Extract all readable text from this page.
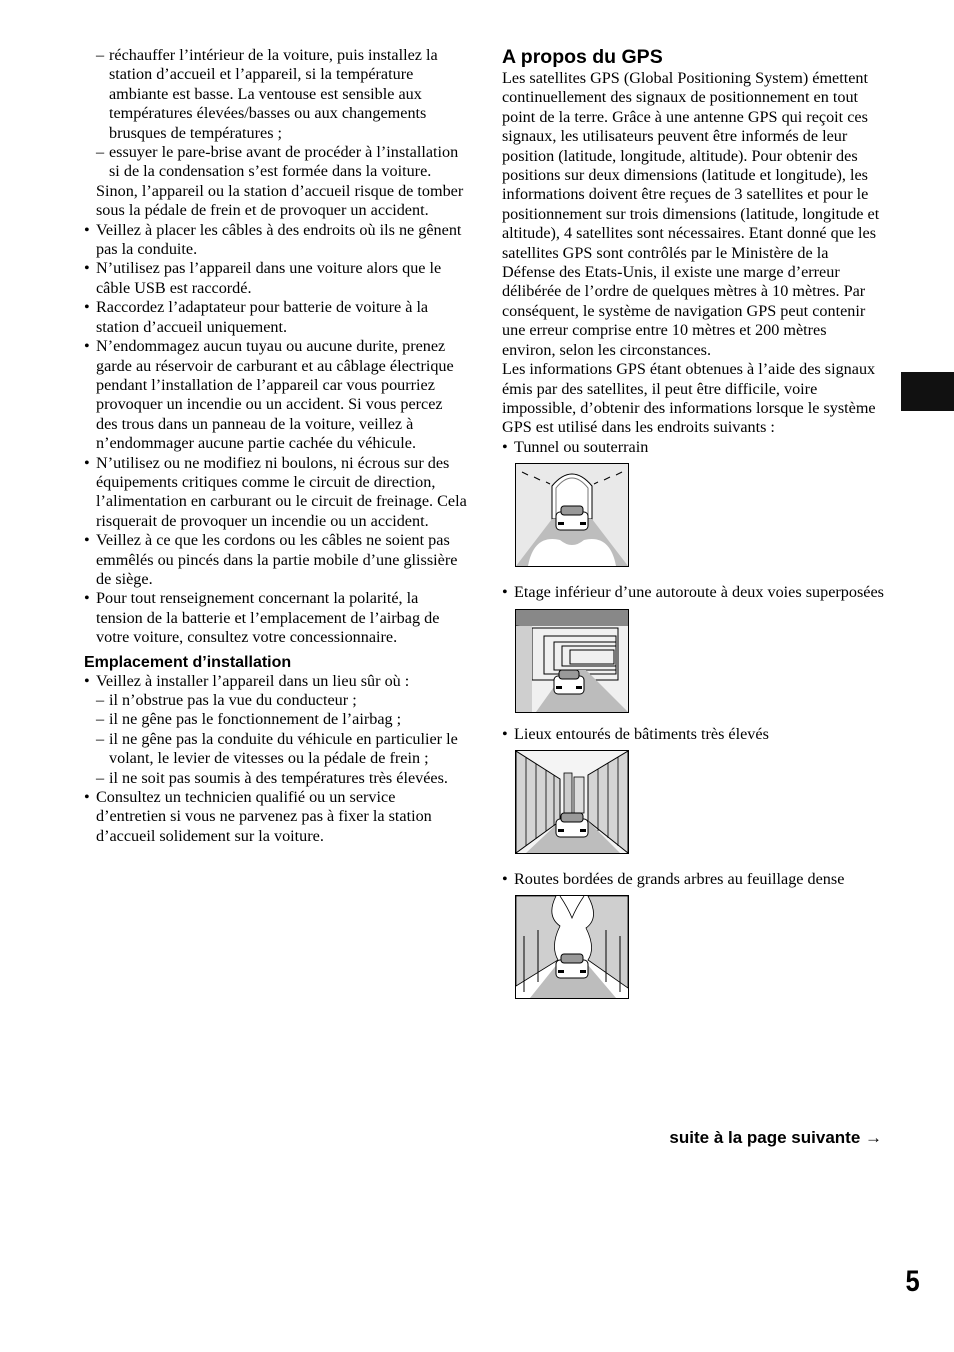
– réchauffer l’intérieur de la voiture, puis installez la station d’accueil et l’appareil, si la température ambiante est basse. La ventouse est sensible aux températures élevées/basses ou aux changements brusques de températures ;
– essuyer le pare-brise avant de procéder à l’installation si de la condensation s’est formée dans la voiture.

Sinon, l’appareil ou la station d’accueil risque de tomber sous la pédale de frein et de provoquer un accident.

• Veillez à placer les câbles à des endroits où ils ne gênent pas la conduite.
• N’utilisez pas l’appareil dans une voiture alors que le câble USB est raccordé.
• Raccordez l’adaptateur pour batterie de voiture à la station d’accueil uniquement.
• N’endommagez aucun tuyau ou aucune durite, prenez garde au réservoir de carburant et au câblage électrique pendant l’installation de l’appareil car vous pourriez provoquer un incendie ou un accident. Si vous percez des trous dans un panneau de la voiture, veillez à n’endommager aucune partie cachée du véhicule.
• N’utilisez ou ne modifiez ni boulons, ni écrous sur des équipements critiques comme le circuit de direction, l’alimentation en carburant ou le circuit de freinage. Cela risquerait de provoquer un incendie ou un accident.
• Veillez à ce que les cordons ou les câbles ne soient pas emmêlés ou pincés dans la partie mobile d’une glissière de siège.
• Pour tout renseignement concernant la polarité, la tension de la batterie et l’emplacement de l’airbag de votre voiture, consultez votre concessionnaire.
Emplacement d’installation
• Veillez à installer l’appareil dans un lieu sûr où :
– il n’obstrue pas la vue du conducteur ;
– il ne gêne pas le fonctionnement de l’airbag ;
– il ne gêne pas la conduite du véhicule en particulier le volant, le levier de vitesses ou la pédale de frein ;
– il ne soit pas soumis à des températures très élevées.
• Consultez un technicien qualifié ou un service d’entretien si vous ne parvenez pas à fixer la station d’accueil solidement sur la voiture.
A propos du GPS

Les satellites GPS (Global Positioning System) émettent continuellement des signaux de positionnement en tout point de la terre. Grâce à une antenne GPS qui reçoit ces signaux, les utilisateurs peuvent être informés de leur position (latitude, longitude, altitude). Pour obtenir des positions sur deux dimensions (latitude et longitude), les informations doivent être reçues de 3 satellites et pour le positionnement sur trois dimensions (latitude, longitude et altitude), 4 satellites sont nécessaires. Etant donné que les satellites GPS sont contrôlés par le Ministère de la Défense des Etats-Unis, il existe une marge d’erreur délibérée de l’ordre de quelques mètres à 10 mètres. Par conséquent, le système de navigation GPS peut contenir une erreur comprise entre 10 mètres et 200 mètres environ, selon les circonstances.

Les informations GPS étant obtenues à l’aide des signaux émis par des satellites, il peut être difficile, voire impossible, d’obtenir des informations lorsque le système GPS est utilisé dans les endroits suivants :

• Tunnel ou souterrain
• Etage inférieur d’une autoroute à deux voies superposées
• Lieux entourés de bâtiments très élevés
• Routes bordées de grands arbres au feuillage dense
suite à la page suivante →
5
